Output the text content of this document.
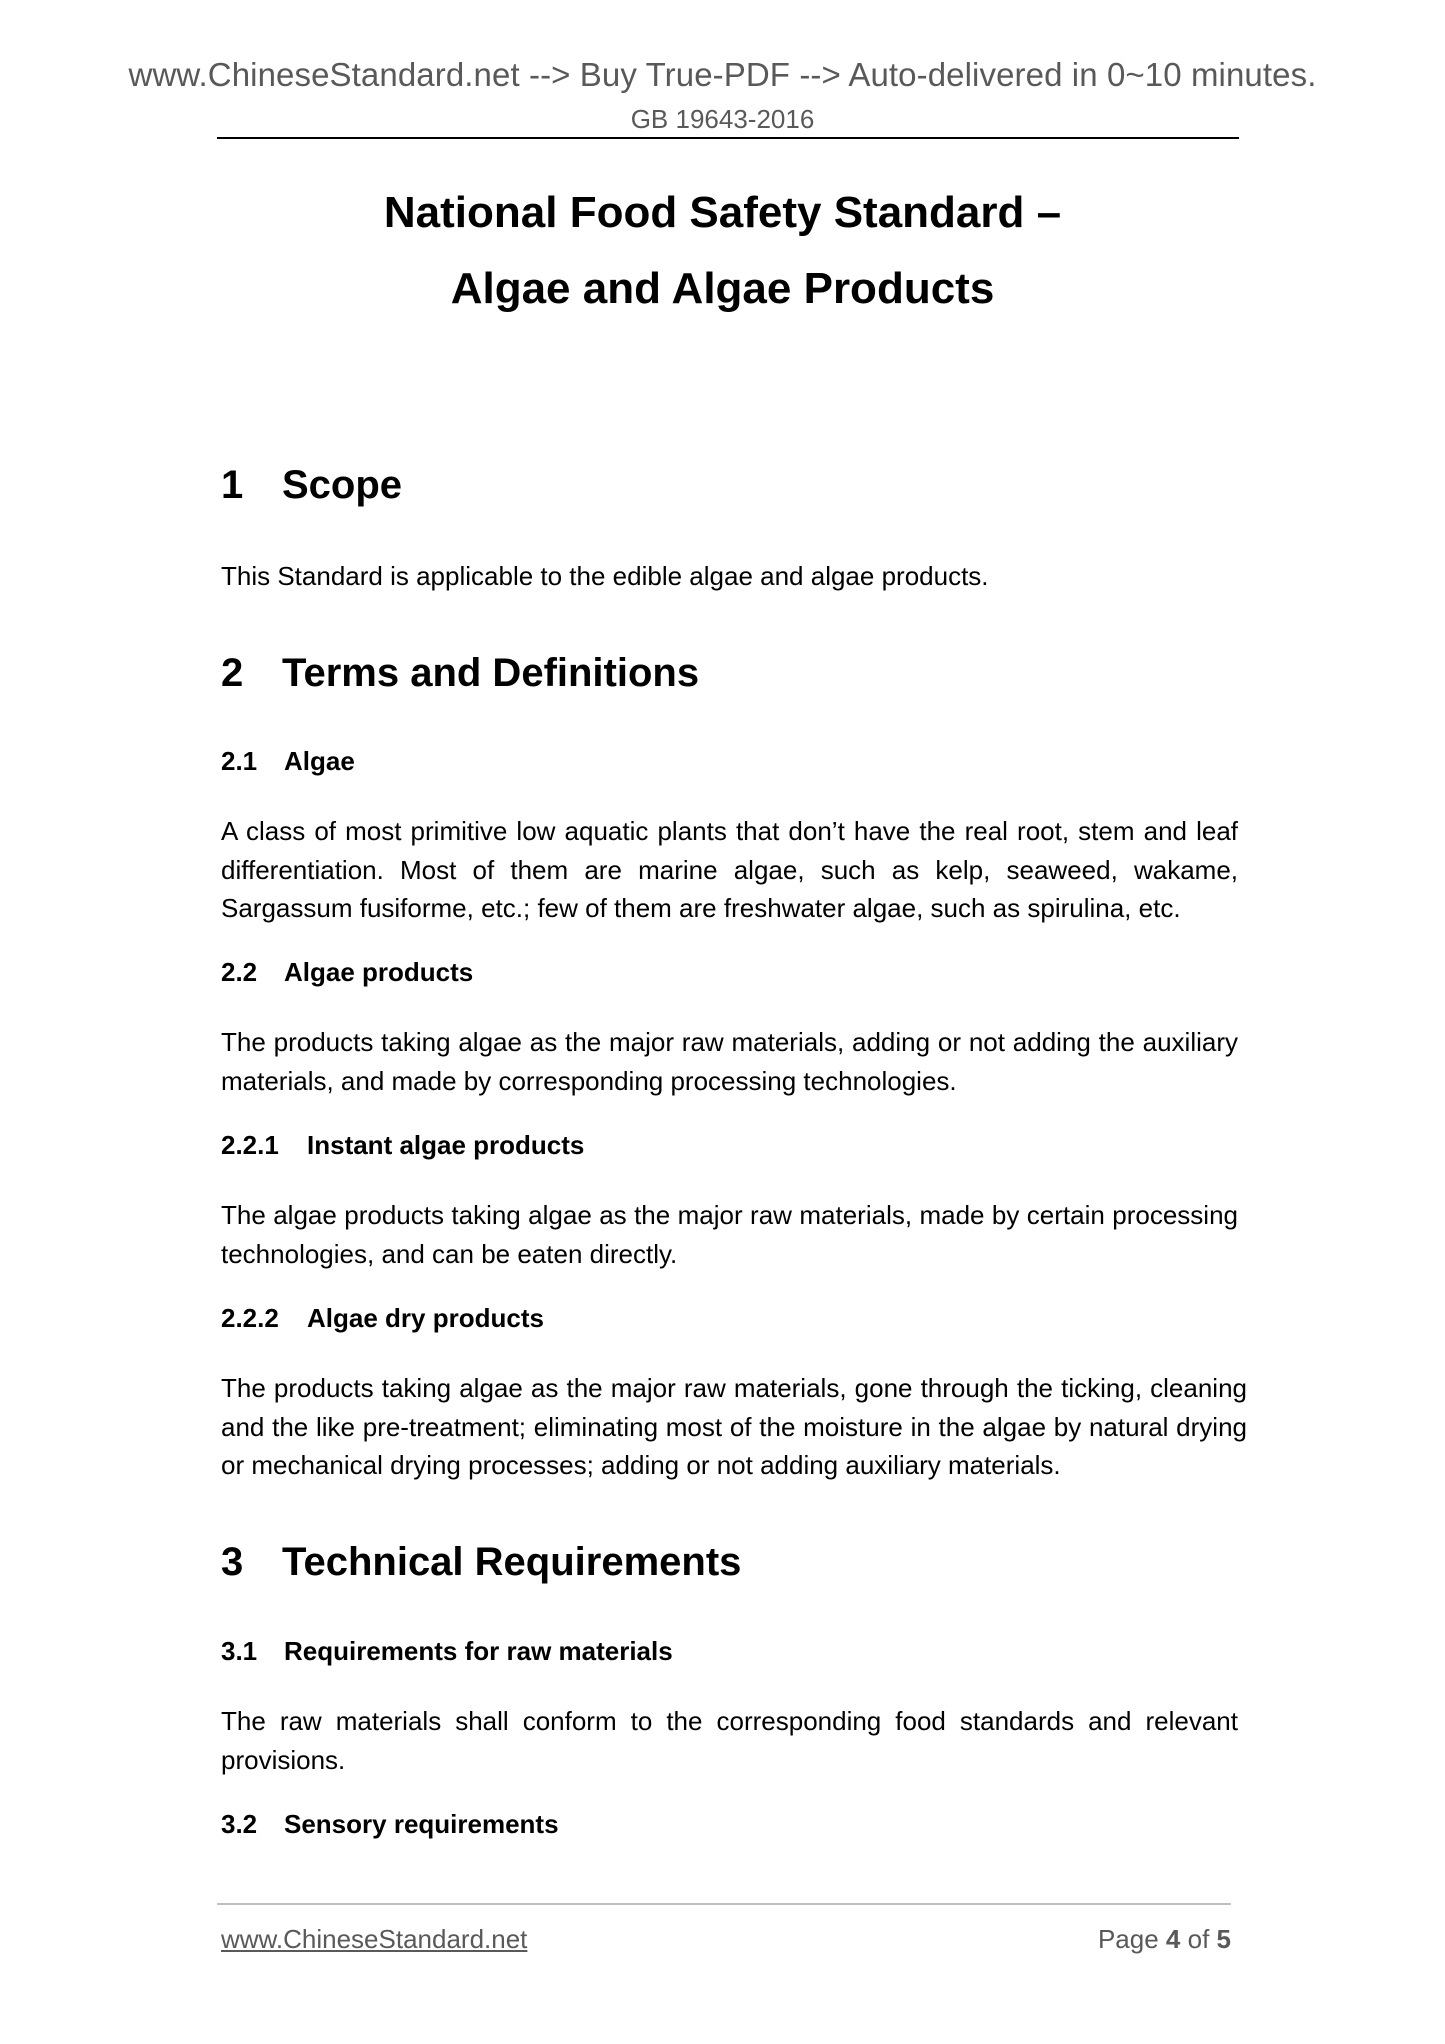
www.ChineseStandard.net --> Buy True-PDF --> Auto-delivered in 0~10 minutes.
GB 19643-2016
National Food Safety Standard –
Algae and Algae Products
1 Scope
This Standard is applicable to the edible algae and algae products.
2 Terms and Definitions
2.1 Algae
A class of most primitive low aquatic plants that don’t have the real root, stem and leaf differentiation. Most of them are marine algae, such as kelp, seaweed, wakame, Sargassum fusiforme, etc.; few of them are freshwater algae, such as spirulina, etc.
2.2 Algae products
The products taking algae as the major raw materials, adding or not adding the auxiliary materials, and made by corresponding processing technologies.
2.2.1 Instant algae products
The algae products taking algae as the major raw materials, made by certain processing technologies, and can be eaten directly.
2.2.2 Algae dry products
The products taking algae as the major raw materials, gone through the ticking, cleaning and the like pre-treatment; eliminating most of the moisture in the algae by natural drying or mechanical drying processes; adding or not adding auxiliary materials.
3 Technical Requirements
3.1 Requirements for raw materials
The raw materials shall conform to the corresponding food standards and relevant provisions.
3.2 Sensory requirements
www.ChineseStandard.net	Page 4 of 5
